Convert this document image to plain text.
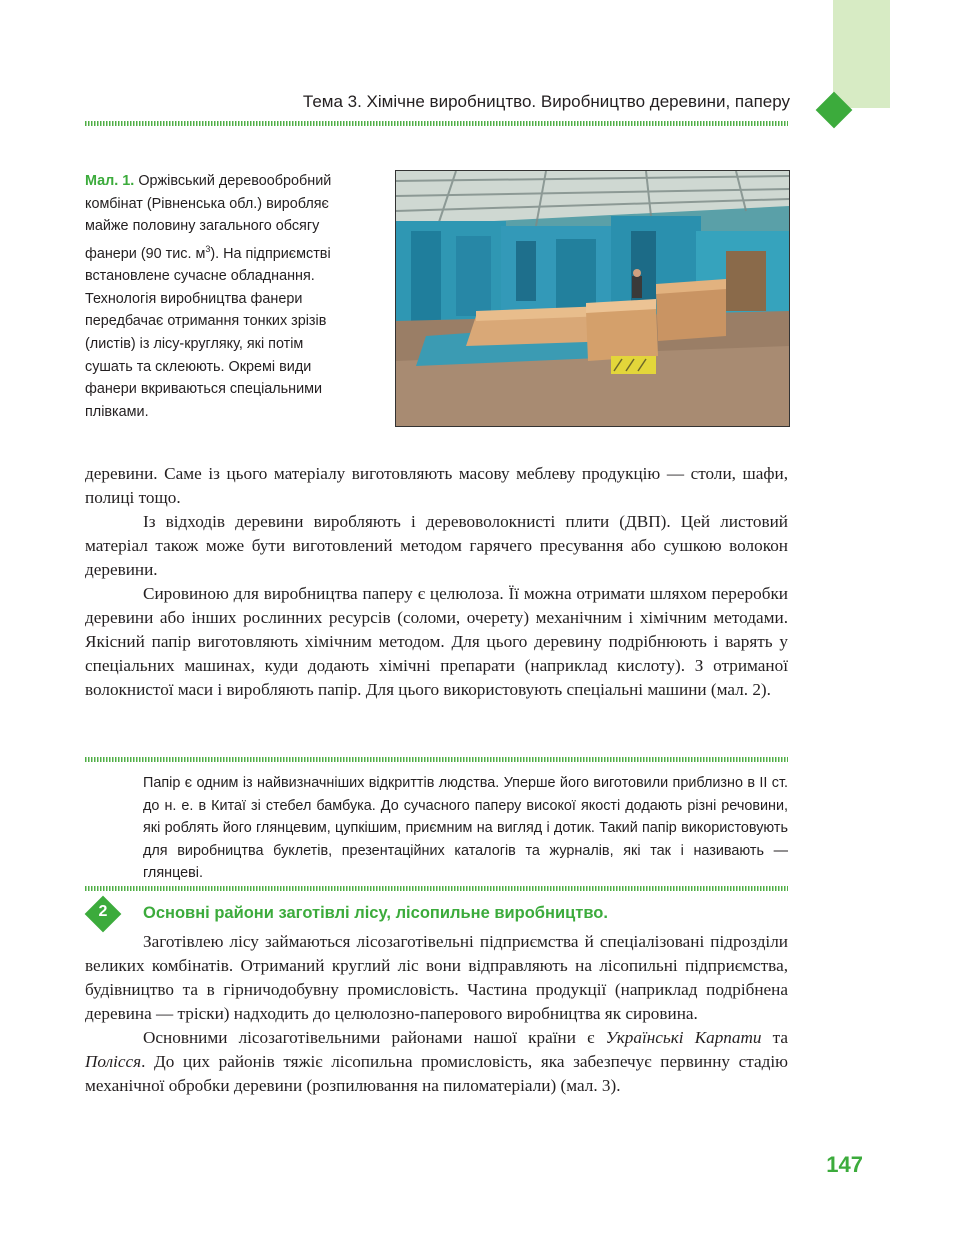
Тема 3. Хімічне виробництво. Виробництво деревини, паперу
Мал. 1. Оржівський деревообробний комбінат (Рівненська обл.) виробляє майже половину загального обсягу фанери (90 тис. $м^3$). На підприємстві встановлене сучасне обладнання. Технологія виробництва фанери передбачає отримання тонких зрізів (листів) із лісу-кругляку, які потім сушать та склеюють. Окремі види фанери вкриваються спеціальними плівками.

деревини. Саме із цього матеріалу виготовляють масову меблеву продукцію — столи, шафи, полиці тощо.

Із відходів деревини виробляють і деревоволокнисті плити (ДВП). Цей листовий матеріал також може бути виготовлений методом гарячего пресування або сушкою волокон деревини.

Сировиною для виробництва паперу є целюлоза. Її можна отримати шляхом переробки деревини або інших рослинних ресурсів (соломи, очерету) механічним і хімічним методами. Якісний папір виготовляють хімічним методом. Для цього деревину подрібнюють і варять у спеціальних машинах, куди додають хімічні препарати (наприклад кислоту). З отриманої волокнистої маси і виробляють папір. Для цього використовують спеціальні машини (мал. 2).

Папір є одним із найвизначніших відкриттів людства. Уперше його виготовили приблизно в ІІ ст. до н. е. в Китаї зі стебел бамбука. До сучасного паперу високої якості додають різні речовини, які роблять його глянцевим, цупкішим, приємним на вигляд і дотик. Такий папір використовують для виробництва буклетів, презентаційних каталогів та журналів, які так і називають — глянцеві.
2	Основні райони заготівлі лісу, лісопильне виробництво.

Заготівлею лісу займаються лісозаготівельні підприємства й спеціалізовані підрозділи великих комбінатів. Отриманий круглий ліс вони відправляють на лісопильні підприємства, будівництво та в гірничодобувну промисловість. Частина продукції (наприклад подрібнена деревина — тріски) надходить до целюлозно-паперового виробництва як сировина.

Основними лісозаготівельними районами нашої країни є Українські Карпати та Полісся. До цих районів тяжіє лісопильна промисловість, яка забезпечує первинну стадію механічної обробки деревини (розпилювання на пиломатеріали) (мал. 3).

147
